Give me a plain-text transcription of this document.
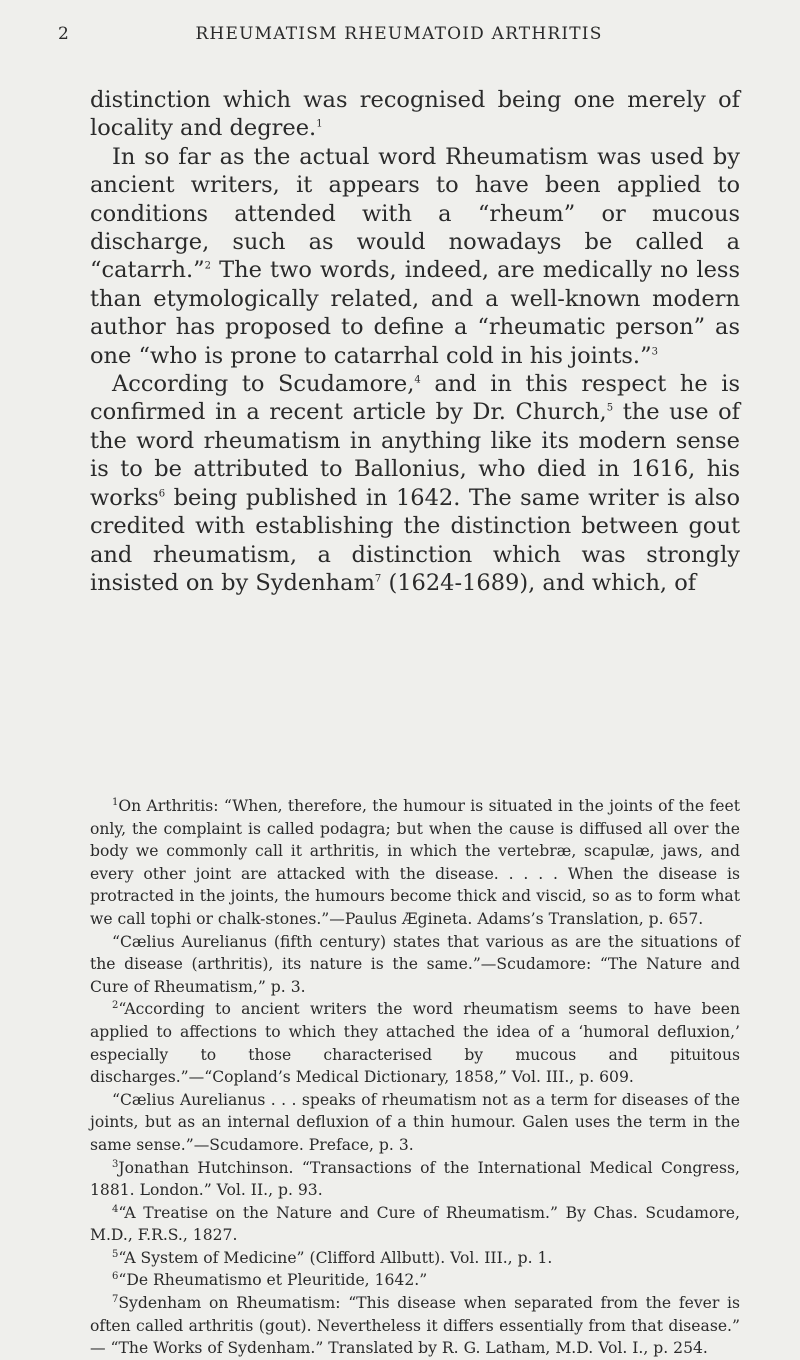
2	RHEUMATISM RHEUMATOID ARTHRITIS

distinction which was recognised being one merely of locality and degree.$^1$

In so far as the actual word Rheumatism was used by ancient writers, it appears to have been applied to conditions attended with a “rheum” or mucous discharge, such as would nowadays be called a “catarrh.”$^2$ The two words, indeed, are medically no less than etymologically related, and a well-known modern author has proposed to define a “rheumatic person” as one “who is prone to catarrhal cold in his joints.”$^3$

According to Scudamore,$^4$ and in this respect he is confirmed in a recent article by Dr. Church,$^5$ the use of the word rheumatism in anything like its modern sense is to be attributed to Ballonius, who died in 1616, his works$^6$ being published in 1642. The same writer is also credited with establishing the distinction between gout and rheumatism, a distinction which was strongly insisted on by Sydenham$^7$ (1624-1689), and which, of

$^1$On Arthritis: “When, therefore, the humour is situated in the joints of the feet only, the complaint is called podagra; but when the cause is diffused all over the body we commonly call it arthritis, in which the vertebræ, scapulæ, jaws, and every other joint are attacked with the disease. . . . . When the disease is protracted in the joints, the humours become thick and viscid, so as to form what we call tophi or chalk-stones.”—Paulus Ægineta. Adams’s Translation, p. 657.

“Cælius Aurelianus (fifth century) states that various as are the situations of the disease (arthritis), its nature is the same.”—Scudamore: “The Nature and Cure of Rheumatism,” p. 3.

$^2$“According to ancient writers the word rheumatism seems to have been applied to affections to which they attached the idea of a ‘humoral defluxion,’ especially to those characterised by mucous and pituitous discharges.”—“Copland’s Medical Dictionary, 1858,” Vol. III., p. 609.

“Cælius Aurelianus . . . speaks of rheumatism not as a term for diseases of the joints, but as an internal defluxion of a thin humour. Galen uses the term in the same sense.”—Scudamore. Preface, p. 3.

$^3$Jonathan Hutchinson. “Transactions of the International Medical Congress, 1881. London.” Vol. II., p. 93.

$^4$“A Treatise on the Nature and Cure of Rheumatism.” By Chas. Scudamore, M.D., F.R.S., 1827.

$^5$“A System of Medicine” (Clifford Allbutt). Vol. III., p. 1.

$^6$“De Rheumatismo et Pleuritide, 1642.”

$^7$Sydenham on Rheumatism: “This disease when separated from the fever is often called arthritis (gout). Nevertheless it differs essentially from that disease.” — “The Works of Sydenham.” Translated by R. G. Latham, M.D. Vol. I., p. 254.
